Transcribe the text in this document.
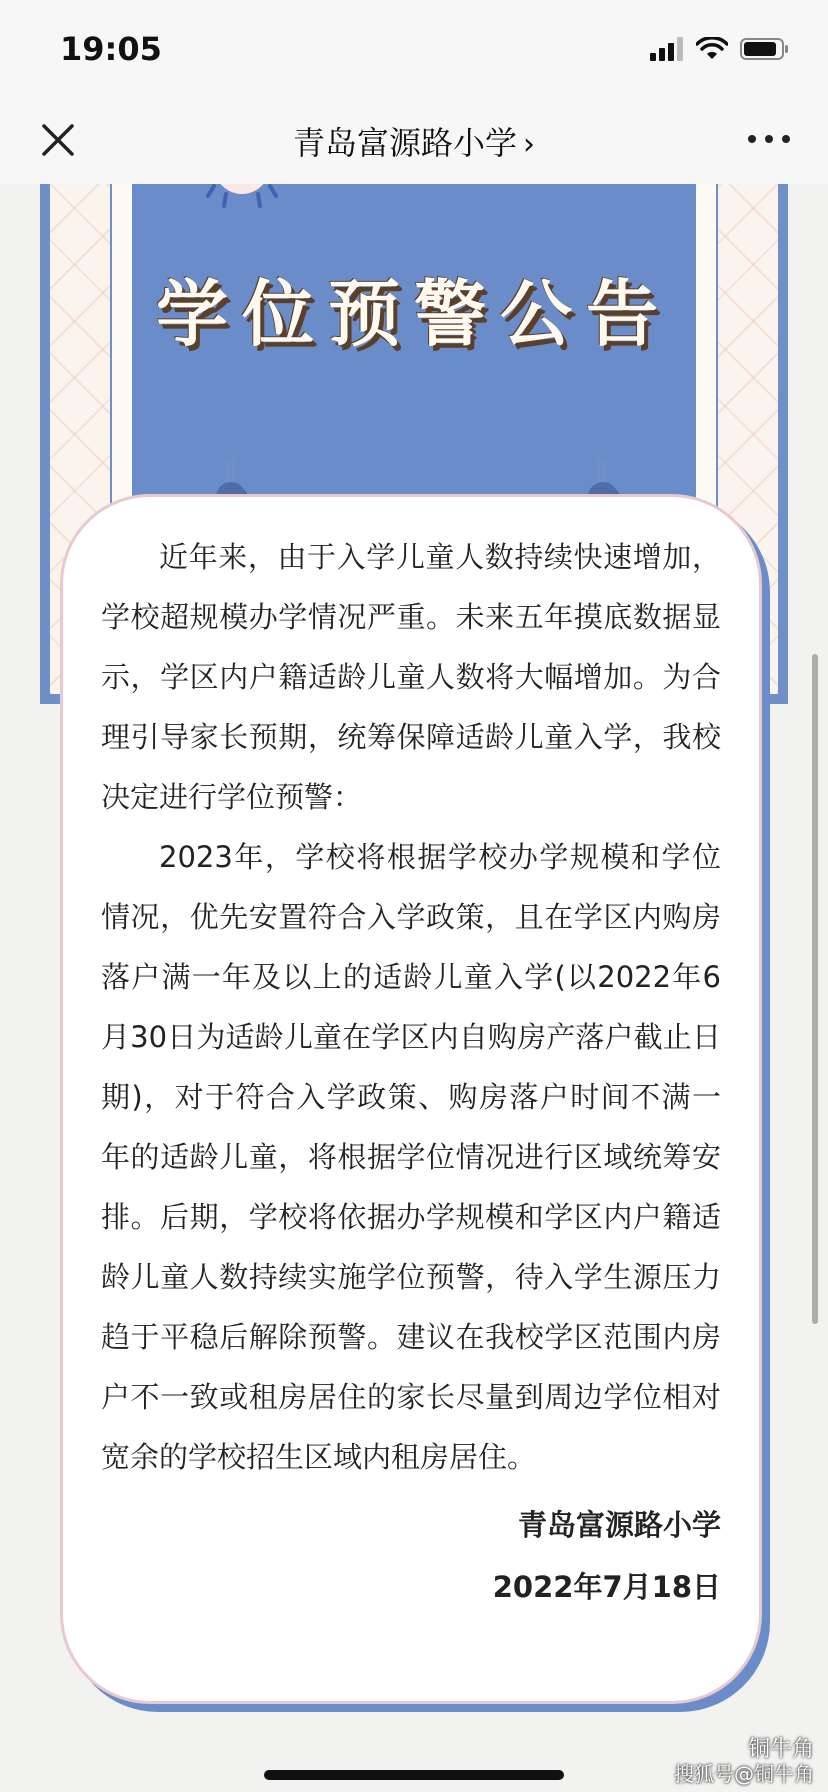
19:05
青岛富源路小学 ›
学位预警公告

近年来，由于入学儿童人数持续快速增加，学校超规模办学情况严重。未来五年摸底数据显示，学区内户籍适龄儿童人数将大幅增加。为合理引导家长预期，统筹保障适龄儿童入学，我校决定进行学位预警：

2023年，学校将根据学校办学规模和学位情况，优先安置符合入学政策，且在学区内购房落户满一年及以上的适龄儿童入学(以2022年6月30日为适龄儿童在学区内自购房产落户截止日期)，对于符合入学政策、购房落户时间不满一年的适龄儿童，将根据学位情况进行区域统筹安排。后期，学校将依据办学规模和学区内户籍适龄儿童人数持续实施学位预警，待入学生源压力趋于平稳后解除预警。建议在我校学区范围内房户不一致或租房居住的家长尽量到周边学位相对宽余的学校招生区域内租房居住。

青岛富源路小学
2022年7月18日
铜牛角
搜狐号@铜牛角
